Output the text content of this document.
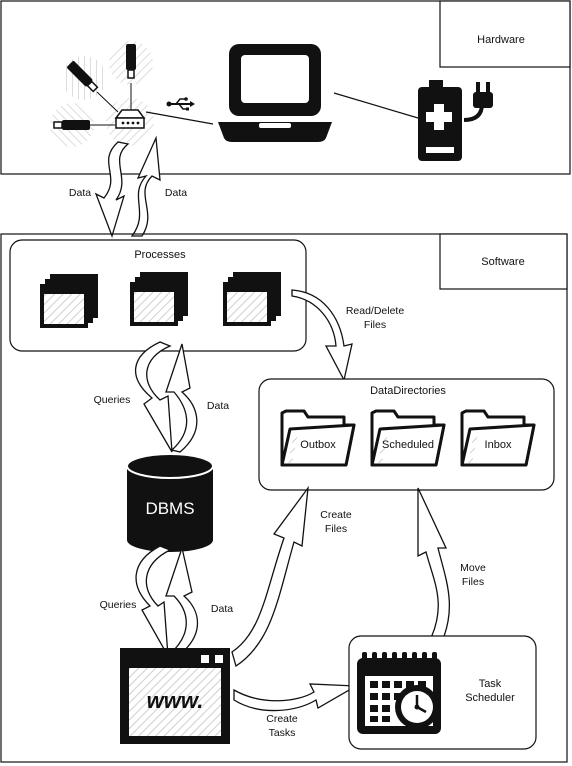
Hardware
Data	Data
Software
Processes
Read/Delete
Files
Queries	Data
DBMS
Queries	Data
DataDirectories
Outbox	Scheduled	Inbox
www.
Create
Files
Create
Tasks
Move
Files
Task
Scheduler
